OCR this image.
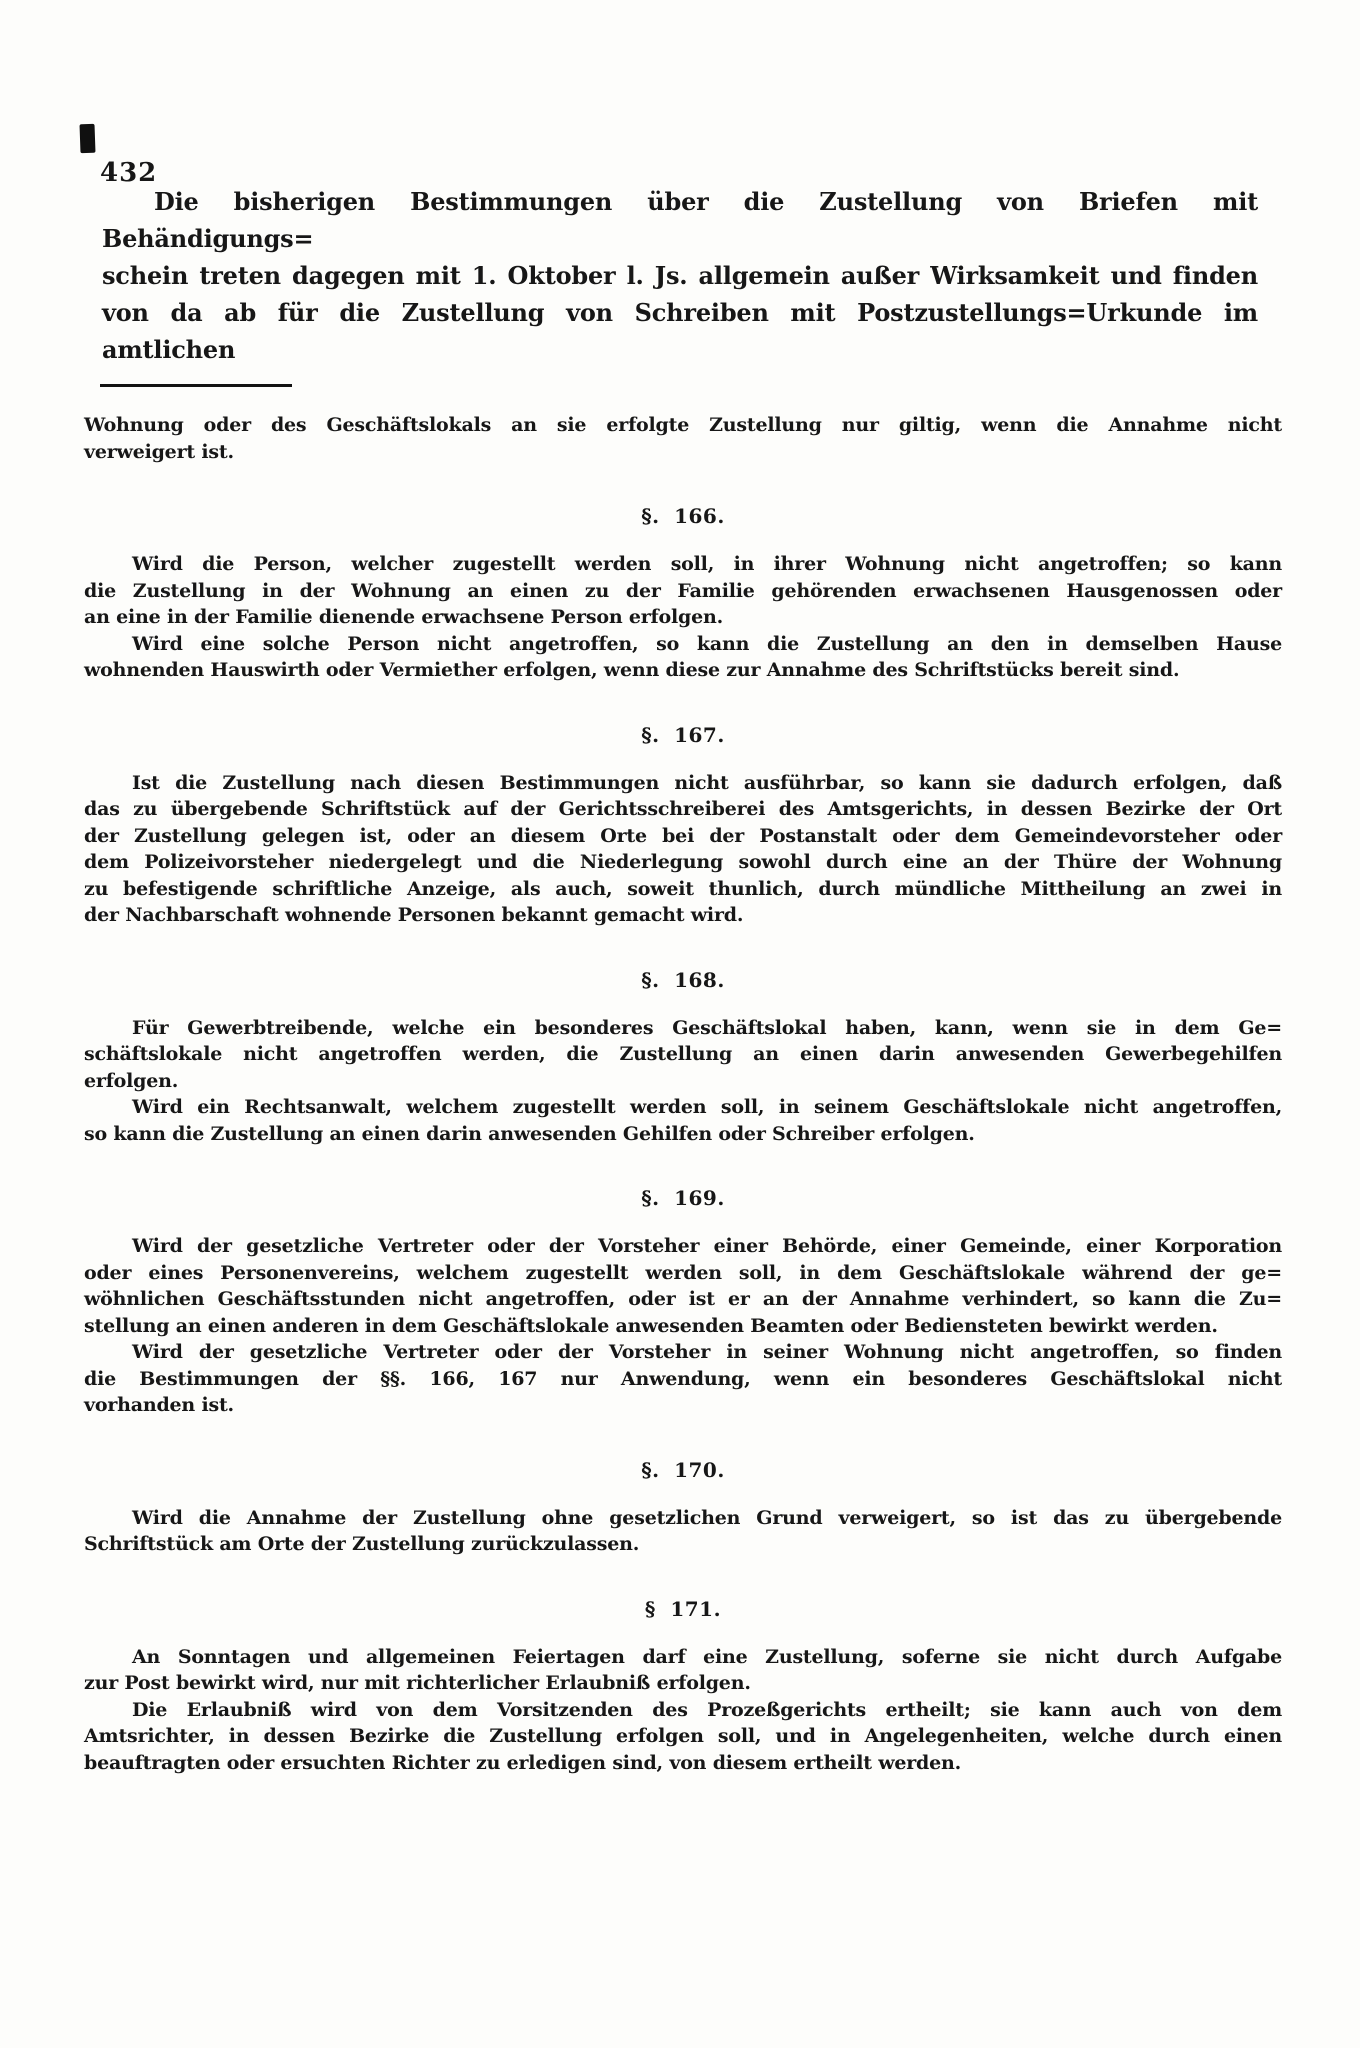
432
Die bisherigen Bestimmungen über die Zustellung von Briefen mit Behändigungs=
schein treten dagegen mit 1. Oktober l. Js. allgemein außer Wirksamkeit und finden
von da ab für die Zustellung von Schreiben mit Postzustellungs=Urkunde im amtlichen
Wohnung oder des Geschäftslokals an sie erfolgte Zustellung nur giltig, wenn die Annahme nicht
verweigert ist.
§. 166.
Wird die Person, welcher zugestellt werden soll, in ihrer Wohnung nicht angetroffen; so kann
die Zustellung in der Wohnung an einen zu der Familie gehörenden erwachsenen Hausgenossen oder
an eine in der Familie dienende erwachsene Person erfolgen.
Wird eine solche Person nicht angetroffen, so kann die Zustellung an den in demselben Hause
wohnenden Hauswirth oder Vermiether erfolgen, wenn diese zur Annahme des Schriftstücks bereit sind.
§. 167.
Ist die Zustellung nach diesen Bestimmungen nicht ausführbar, so kann sie dadurch erfolgen, daß
das zu übergebende Schriftstück auf der Gerichtsschreiberei des Amtsgerichts, in dessen Bezirke der Ort
der Zustellung gelegen ist, oder an diesem Orte bei der Postanstalt oder dem Gemeindevorsteher oder
dem Polizeivorsteher niedergelegt und die Niederlegung sowohl durch eine an der Thüre der Wohnung
zu befestigende schriftliche Anzeige, als auch, soweit thunlich, durch mündliche Mittheilung an zwei in
der Nachbarschaft wohnende Personen bekannt gemacht wird.
§. 168.
Für Gewerbtreibende, welche ein besonderes Geschäftslokal haben, kann, wenn sie in dem Ge=
schäftslokale nicht angetroffen werden, die Zustellung an einen darin anwesenden Gewerbegehilfen
erfolgen.
Wird ein Rechtsanwalt, welchem zugestellt werden soll, in seinem Geschäftslokale nicht angetroffen,
so kann die Zustellung an einen darin anwesenden Gehilfen oder Schreiber erfolgen.
§. 169.
Wird der gesetzliche Vertreter oder der Vorsteher einer Behörde, einer Gemeinde, einer Korporation
oder eines Personenvereins, welchem zugestellt werden soll, in dem Geschäftslokale während der ge=
wöhnlichen Geschäftsstunden nicht angetroffen, oder ist er an der Annahme verhindert, so kann die Zu=
stellung an einen anderen in dem Geschäftslokale anwesenden Beamten oder Bediensteten bewirkt werden.
Wird der gesetzliche Vertreter oder der Vorsteher in seiner Wohnung nicht angetroffen, so finden
die Bestimmungen der §§. 166, 167 nur Anwendung, wenn ein besonderes Geschäftslokal nicht
vorhanden ist.
§. 170.
Wird die Annahme der Zustellung ohne gesetzlichen Grund verweigert, so ist das zu übergebende
Schriftstück am Orte der Zustellung zurückzulassen.
§ 171.
An Sonntagen und allgemeinen Feiertagen darf eine Zustellung, soferne sie nicht durch Aufgabe
zur Post bewirkt wird, nur mit richterlicher Erlaubniß erfolgen.
Die Erlaubniß wird von dem Vorsitzenden des Prozeßgerichts ertheilt; sie kann auch von dem
Amtsrichter, in dessen Bezirke die Zustellung erfolgen soll, und in Angelegenheiten, welche durch einen
beauftragten oder ersuchten Richter zu erledigen sind, von diesem ertheilt werden.
